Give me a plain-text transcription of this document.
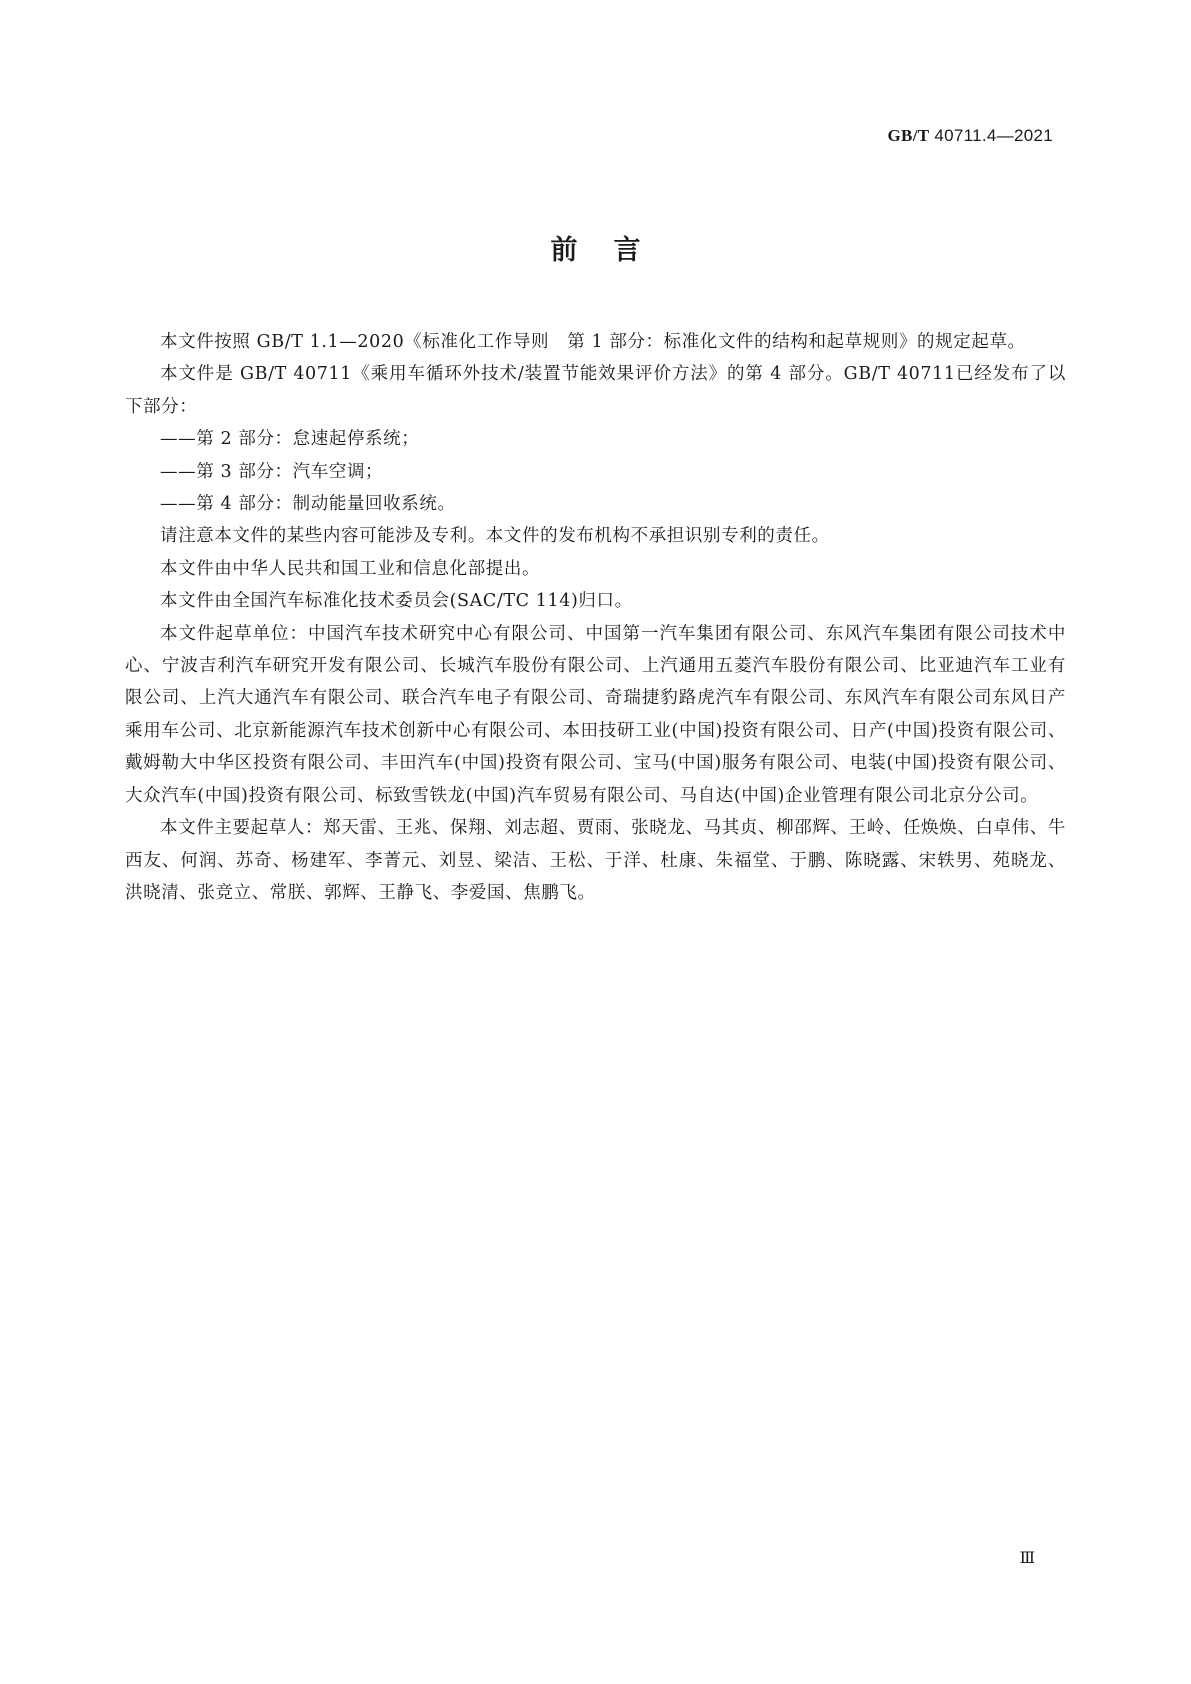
GB/T 40711.4—2021
前言

本文件按照 GB/T 1.1—2020《标准化工作导则　第 1 部分：标准化文件的结构和起草规则》的规定起草。

本文件是 GB/T 40711《乘用车循环外技术/装置节能效果评价方法》的第 4 部分。GB/T 40711已经发布了以下部分：

——第 2 部分：怠速起停系统；

——第 3 部分：汽车空调；

——第 4 部分：制动能量回收系统。

请注意本文件的某些内容可能涉及专利。本文件的发布机构不承担识别专利的责任。

本文件由中华人民共和国工业和信息化部提出。

本文件由全国汽车标准化技术委员会(SAC/TC 114)归口。

本文件起草单位：中国汽车技术研究中心有限公司、中国第一汽车集团有限公司、东风汽车集团有限公司技术中心、宁波吉利汽车研究开发有限公司、长城汽车股份有限公司、上汽通用五菱汽车股份有限公司、比亚迪汽车工业有限公司、上汽大通汽车有限公司、联合汽车电子有限公司、奇瑞捷豹路虎汽车有限公司、东风汽车有限公司东风日产乘用车公司、北京新能源汽车技术创新中心有限公司、本田技研工业(中国)投资有限公司、日产(中国)投资有限公司、戴姆勒大中华区投资有限公司、丰田汽车(中国)投资有限公司、宝马(中国)服务有限公司、电装(中国)投资有限公司、大众汽车(中国)投资有限公司、标致雪铁龙(中国)汽车贸易有限公司、马自达(中国)企业管理有限公司北京分公司。

本文件主要起草人：郑天雷、王兆、保翔、刘志超、贾雨、张晓龙、马其贞、柳邵辉、王岭、任焕焕、白卓伟、牛西友、何润、苏奇、杨建军、李菁元、刘昱、梁洁、王松、于洋、杜康、朱福堂、于鹏、陈晓露、宋轶男、苑晓龙、洪晓清、张竞立、常朕、郭辉、王静飞、李爱国、焦鹏飞。

Ⅲ
